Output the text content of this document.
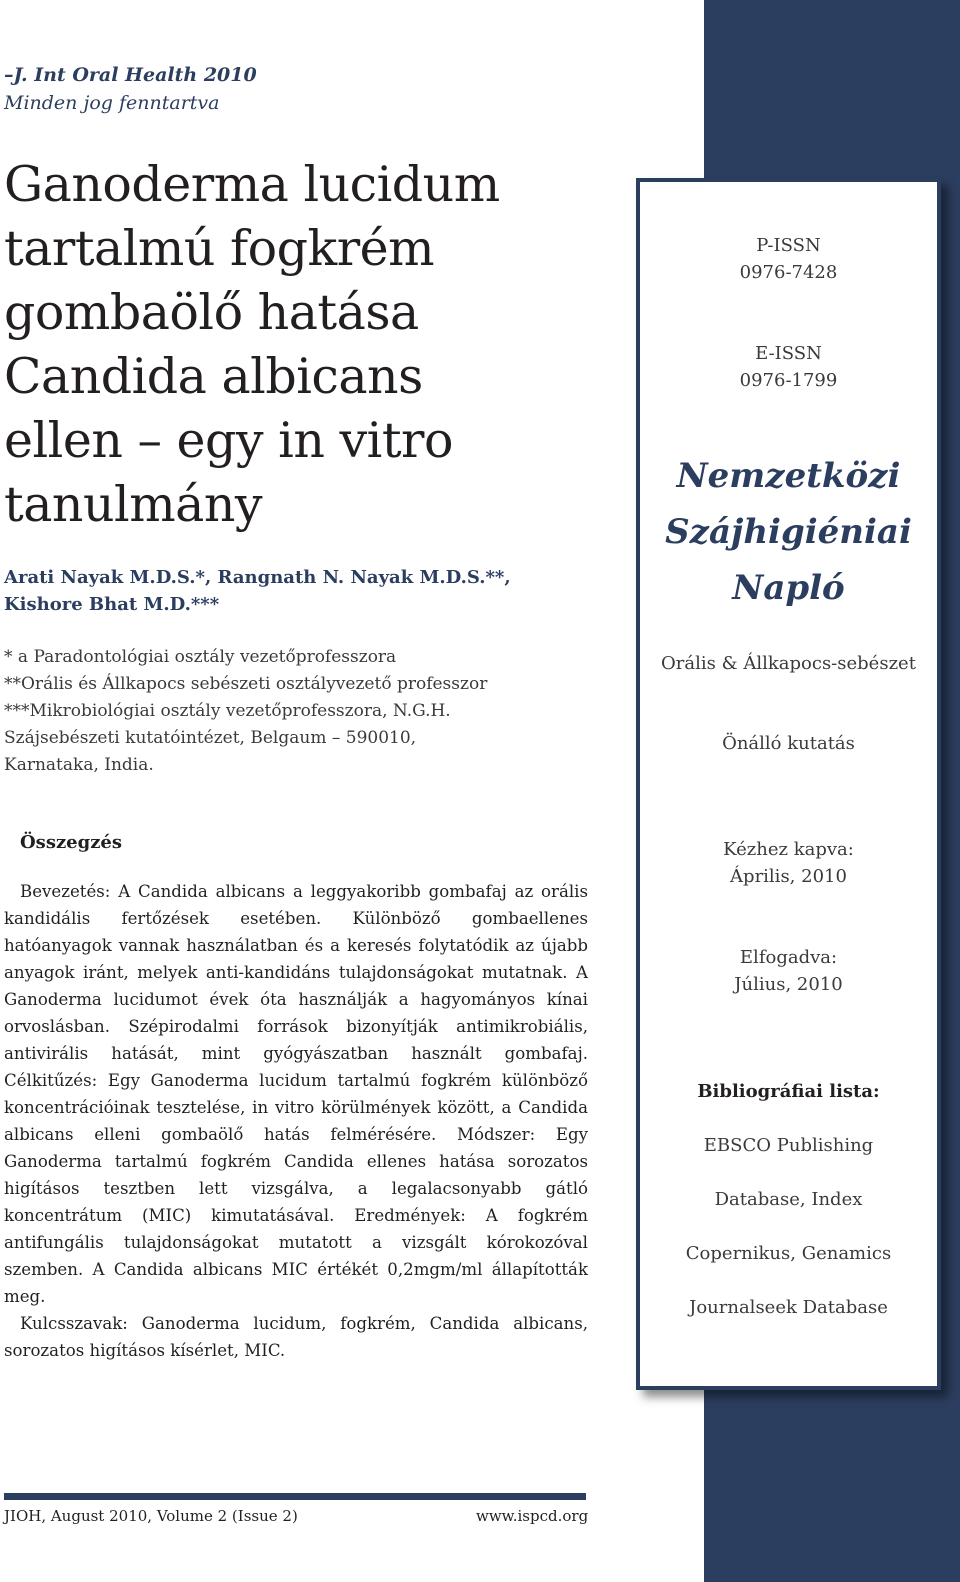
–J. Int Oral Health 2010
Minden jog fenntartva
Ganoderma lucidum
tartalmú fogkrém
gombaölő hatása
Candida albicans
ellen – egy in vitro
tanulmány
Arati Nayak M.D.S.*, Rangnath N. Nayak M.D.S.**,
Kishore Bhat M.D.***
* a Paradontológiai osztály vezetőprofesszora
**Orális és Állkapocs sebészeti osztályvezető professzor
***Mikrobiológiai osztály vezetőprofesszora, N.G.H.
Szájsebészeti kutatóintézet, Belgaum – 590010,
Karnataka, India.
Összegzés

Bevezetés: A Candida albicans a leggyakoribb gombafaj az orális kandidális fertőzések esetében. Különböző gombaellenes hatóanyagok vannak használatban és a keresés folytatódik az újabb anyagok iránt, melyek anti-kandidáns tulajdonságokat mutatnak. A Ganoderma lucidumot évek óta használják a hagyományos kínai orvoslásban. Szépirodalmi források bizonyítják antimikrobiális, antivirális hatását, mint gyógyászatban használt gombafaj. Célkitűzés: Egy Ganoderma lucidum tartalmú fogkrém különböző koncentrációinak tesztelése, in vitro körülmények között, a Candida albicans elleni gombaölő hatás felmérésére. Módszer: Egy Ganoderma tartalmú fogkrém Candida ellenes hatása sorozatos higításos tesztben lett vizsgálva, a legalacsonyabb gátló koncentrátum (MIC) kimutatásával. Eredmények: A fogkrém antifungális tulajdonságokat mutatott a vizsgált kórokozóval szemben. A Candida albicans MIC értékét 0,2mgm/ml állapították meg.

Kulcsszavak: Ganoderma lucidum, fogkrém, Candida albicans, sorozatos higításos kísérlet, MIC.

P-ISSN
0976-7428
E-ISSN
0976-1799
Nemzetközi
Szájhigiéniai
Napló
Orális & Állkapocs-sebészet
Önálló kutatás
Kézhez kapva:
Április, 2010
Elfogadva:
Július, 2010
Bibliográfiai lista:
EBSCO Publishing
Database, Index
Copernikus, Genamics
Journalseek Database
JIOH, August 2010, Volume 2 (Issue 2)	www.ispcd.org
